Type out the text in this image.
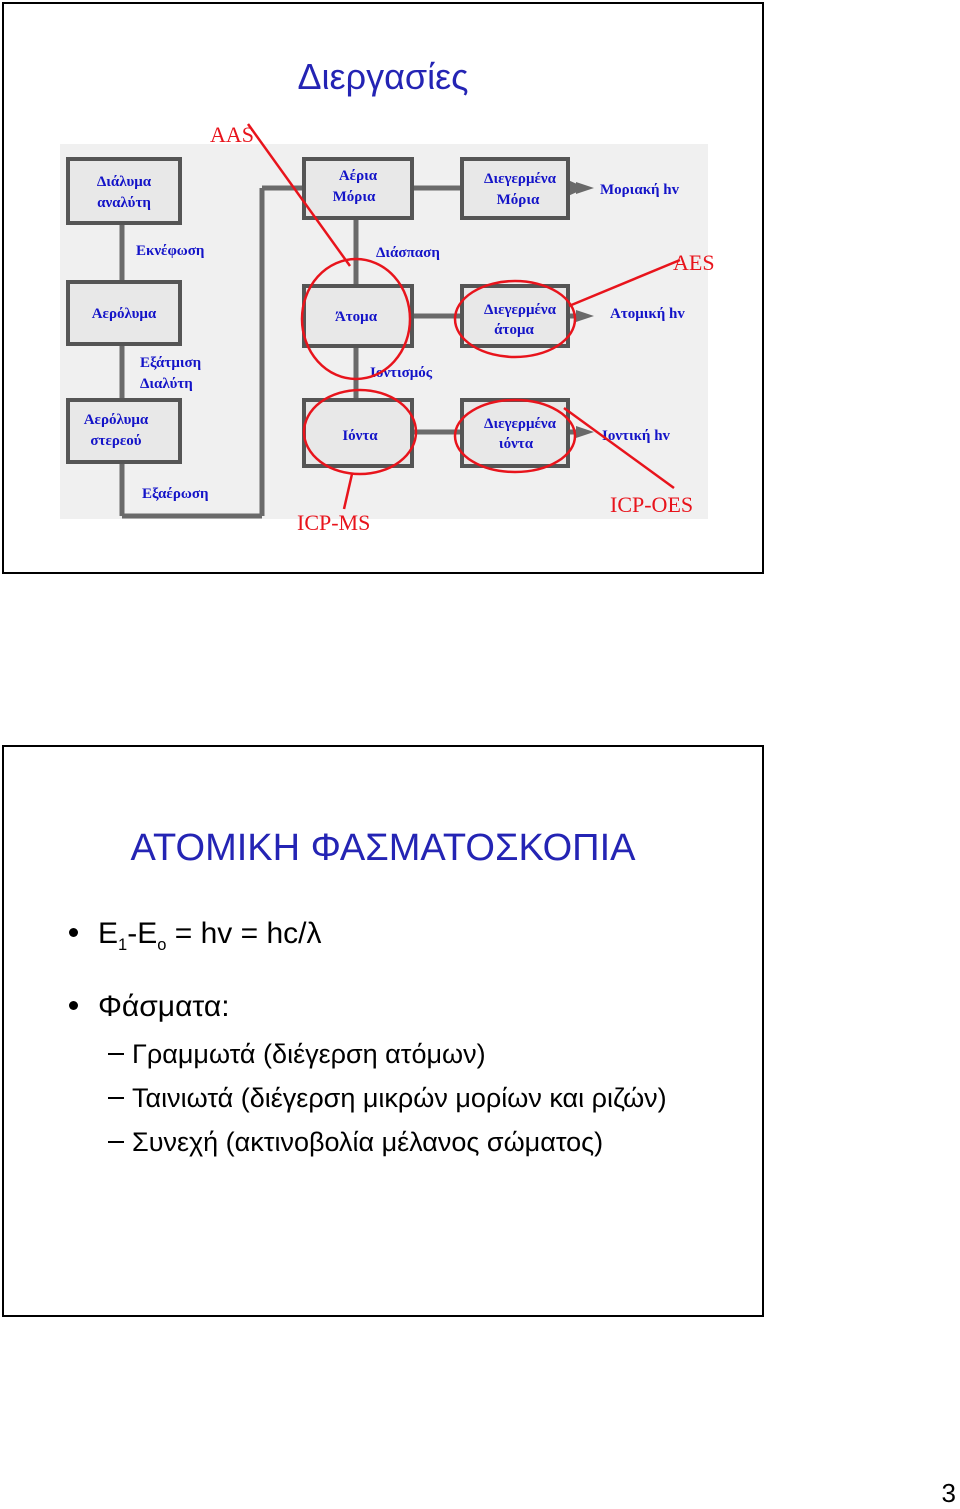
Διεργασίες
Διάλυμα
αναλύτη
Αερόλυμα
Αερόλυμα
στερεού
Αέρια
Μόρια
Άτομα
Ιόντα
Διεγερμένα
Μόρια
Διεγερμένα
άτομα
Διεγερμένα
ιόντα
Εκνέφωση
Εξάτμιση
Διαλύτη
Εξαέρωση
Διάσπαση
Ιοντισμός
Μοριακή hv
Ατομική hv
Ιοντική hv
AAS
AES
ICP-MS
ICP-OES
ΑΤΟΜΙΚΗ ΦΑΣΜΑΤΟΣΚΟΠΙΑ
$E_1-E_o$ = hv = hc/λ
Φάσματα:
Γραμμωτά (διέγερση ατόμων)
Ταινιωτά (διέγερση μικρών μορίων και ριζών)
Συνεχή (ακτινοβολία μέλανος σώματος)
3
